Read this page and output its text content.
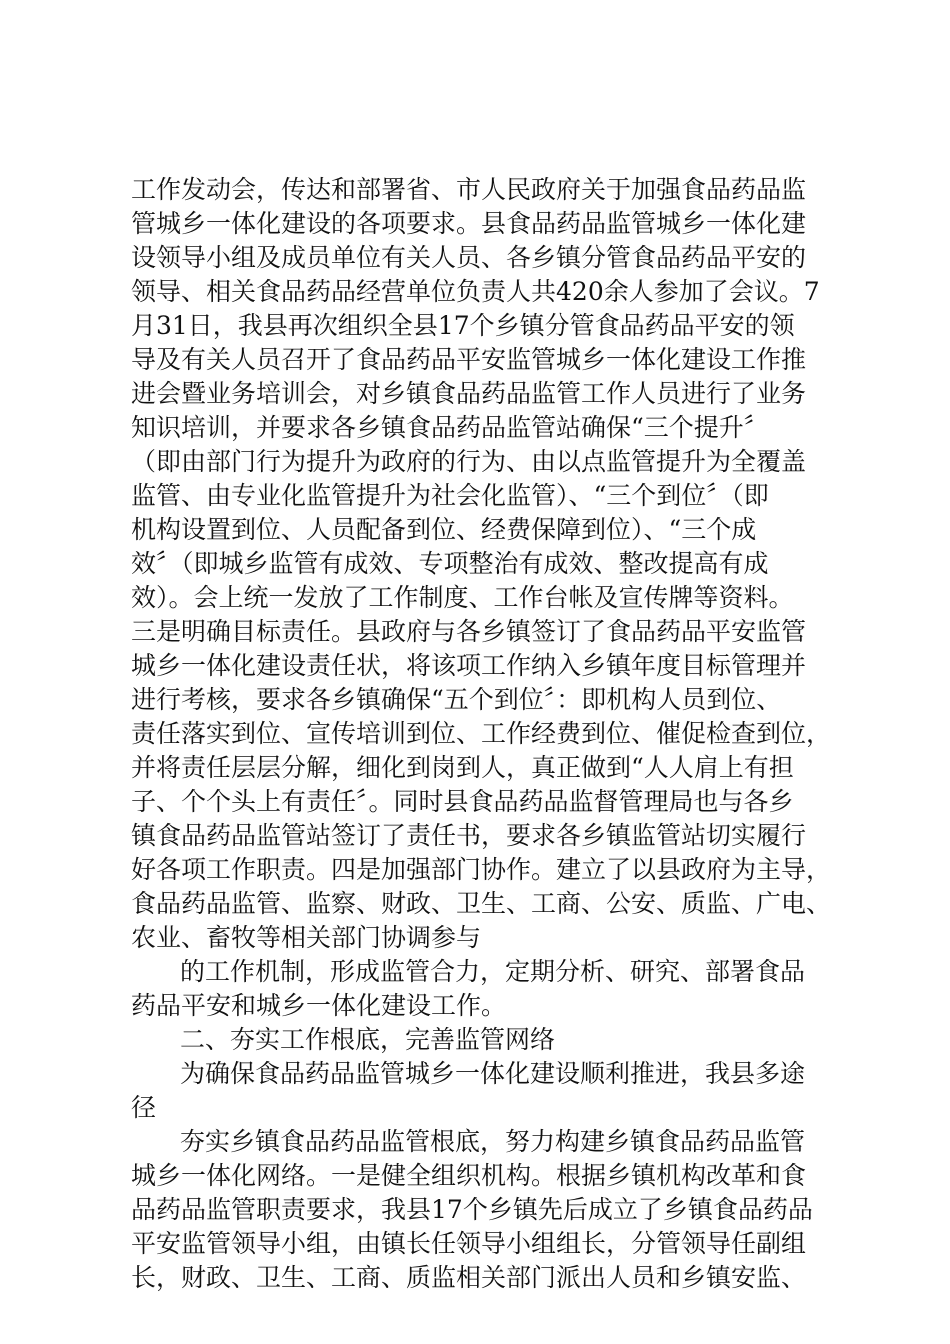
工作发动会，传达和部署省、市人民政府关于加强食品药品监
管城乡一体化建设的各项要求。县食品药品监管城乡一体化建
设领导小组及成员单位有关人员、各乡镇分管食品药品平安的
领导、相关食品药品经营单位负责人共420余人参加了会议。7
月31日，我县再次组织全县17个乡镇分管食品药品平安的领
导及有关人员召开了食品药品平安监管城乡一体化建设工作推
进会暨业务培训会，对乡镇食品药品监管工作人员进行了业务
知识培训，并要求各乡镇食品药品监管站确保“三个提升〞
（即由部门行为提升为政府的行为、由以点监管提升为全覆盖
监管、由专业化监管提升为社会化监管）、“三个到位〞（即
机构设置到位、人员配备到位、经费保障到位）、“三个成
效〞（即城乡监管有成效、专项整治有成效、整改提高有成
效）。会上统一发放了工作制度、工作台帐及宣传牌等资料。
三是明确目标责任。县政府与各乡镇签订了食品药品平安监管
城乡一体化建设责任状，将该项工作纳入乡镇年度目标管理并
进行考核，要求各乡镇确保“五个到位〞：即机构人员到位、
责任落实到位、宣传培训到位、工作经费到位、催促检查到位，
并将责任层层分解，细化到岗到人，真正做到“人人肩上有担
子、个个头上有责任〞。同时县食品药品监督管理局也与各乡
镇食品药品监管站签订了责任书，要求各乡镇监管站切实履行
好各项工作职责。四是加强部门协作。建立了以县政府为主导，
食品药品监管、监察、财政、卫生、工商、公安、质监、广电、
农业、畜牧等相关部门协调参与
的工作机制，形成监管合力，定期分析、研究、部署食品
药品平安和城乡一体化建设工作。
二、夯实工作根底，完善监管网络
为确保食品药品监管城乡一体化建设顺利推进，我县多途
径
夯实乡镇食品药品监管根底，努力构建乡镇食品药品监管
城乡一体化网络。一是健全组织机构。根据乡镇机构改革和食
品药品监管职责要求，我县17个乡镇先后成立了乡镇食品药品
平安监管领导小组，由镇长任领导小组组长，分管领导任副组
长，财政、卫生、工商、质监相关部门派出人员和乡镇安监、
